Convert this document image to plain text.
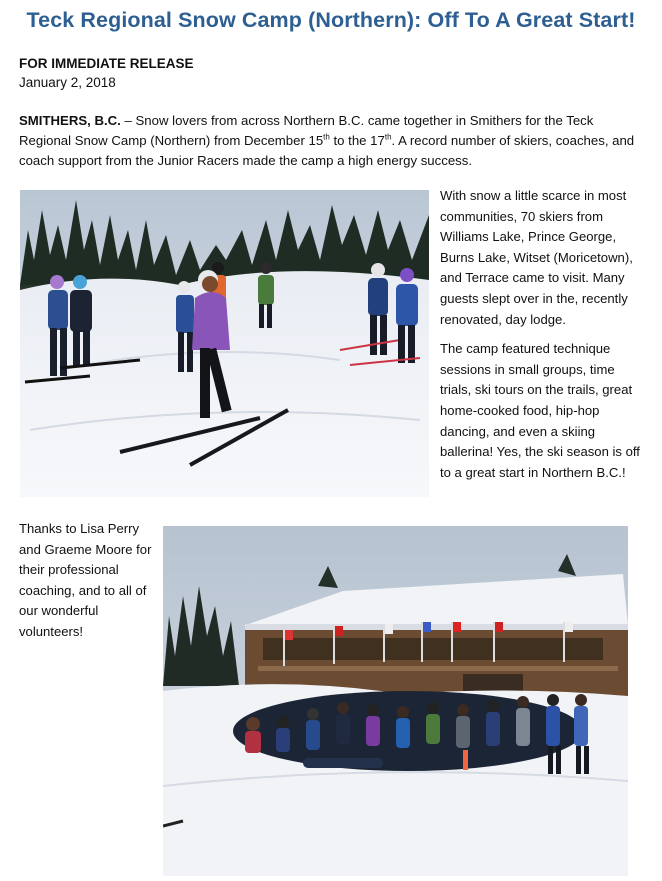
Teck Regional Snow Camp (Northern): Off To A Great Start!
FOR IMMEDIATE RELEASE
January 2, 2018
SMITHERS, B.C. – Snow lovers from across Northern B.C. came together in Smithers for the Teck Regional Snow Camp (Northern) from December 15th to the 17th. A record number of skiers, coaches, and coach support from the Junior Racers made the camp a high energy success.

With snow a little scarce in most communities, 70 skiers from Williams Lake, Prince George, Burns Lake, Witset (Moricetown), and Terrace came to visit. Many guests slept over in the, recently renovated, day lodge.

The camp featured technique sessions in small groups, time trials, ski tours on the trails, great home-cooked food, hip-hop dancing, and even a skiing ballerina! Yes, the ski season is off to a great start in Northern B.C.!

Thanks to Lisa Perry and Graeme Moore for their professional coaching, and to all of our wonderful volunteers!
